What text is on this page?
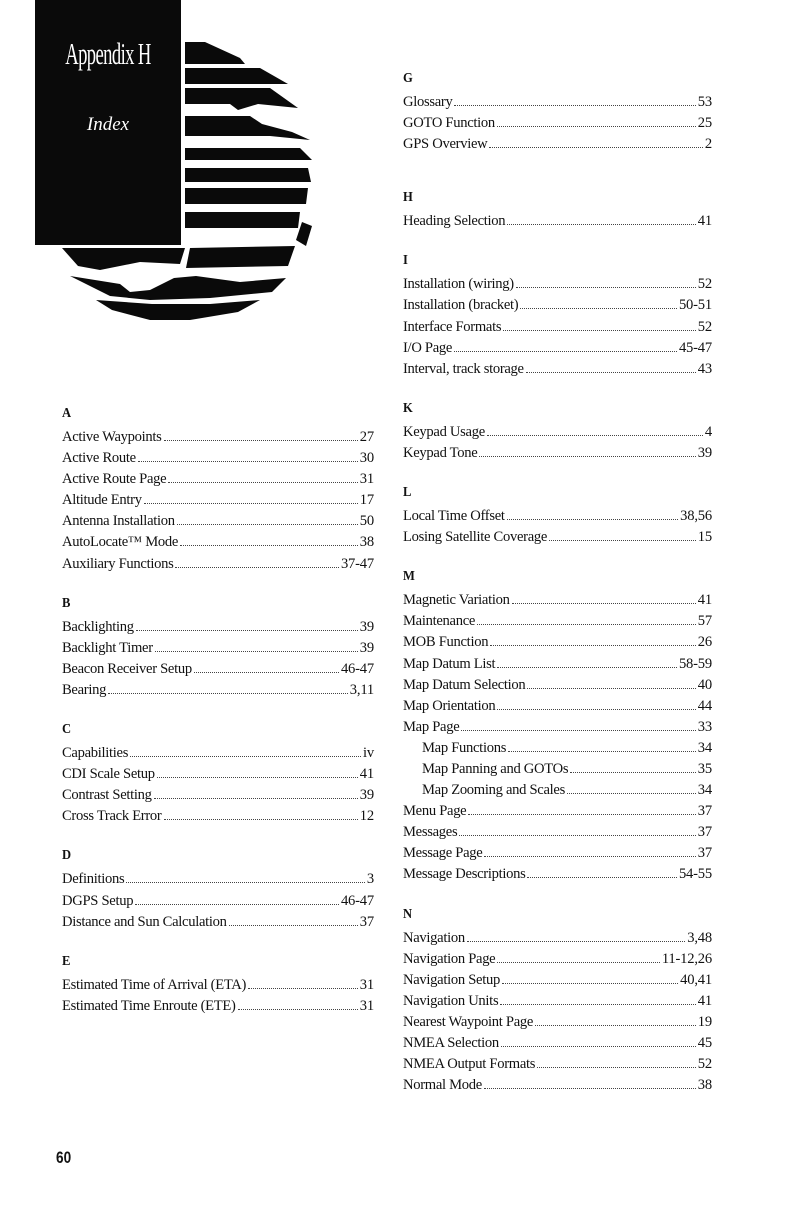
Appendix H
Index
A
Active Waypoints	27
Active Route	30
Active Route Page	31
Altitude Entry	17
Antenna Installation	50
AutoLocate™ Mode	38
Auxiliary Functions	37-47
B
Backlighting	39
Backlight Timer	39
Beacon Receiver Setup	46-47
Bearing	3,11
C
Capabilities	iv
CDI Scale Setup	41
Contrast Setting	39
Cross Track Error	12
D
Definitions	3
DGPS Setup	46-47
Distance and Sun Calculation	37
E
Estimated Time of Arrival (ETA)	31
Estimated Time Enroute (ETE)	31
G
Glossary	53
GOTO Function	25
GPS Overview	2
H
Heading Selection	41
I
Installation (wiring)	52
Installation (bracket)	50-51
Interface Formats	52
I/O Page	45-47
Interval, track storage	43
K
Keypad Usage	4
Keypad Tone	39
L
Local Time Offset	38,56
Losing Satellite Coverage	15
M
Magnetic Variation	41
Maintenance	57
MOB Function	26
Map Datum List	58-59
Map Datum Selection	40
Map Orientation	44
Map Page	33
Map Functions	34
Map Panning and GOTOs	35
Map Zooming and Scales	34
Menu Page	37
Messages	37
Message Page	37
Message Descriptions	54-55
N
Navigation	3,48
Navigation Page	11-12,26
Navigation Setup	40,41
Navigation Units	41
Nearest Waypoint Page	19
NMEA Selection	45
NMEA Output Formats	52
Normal Mode	38
60
